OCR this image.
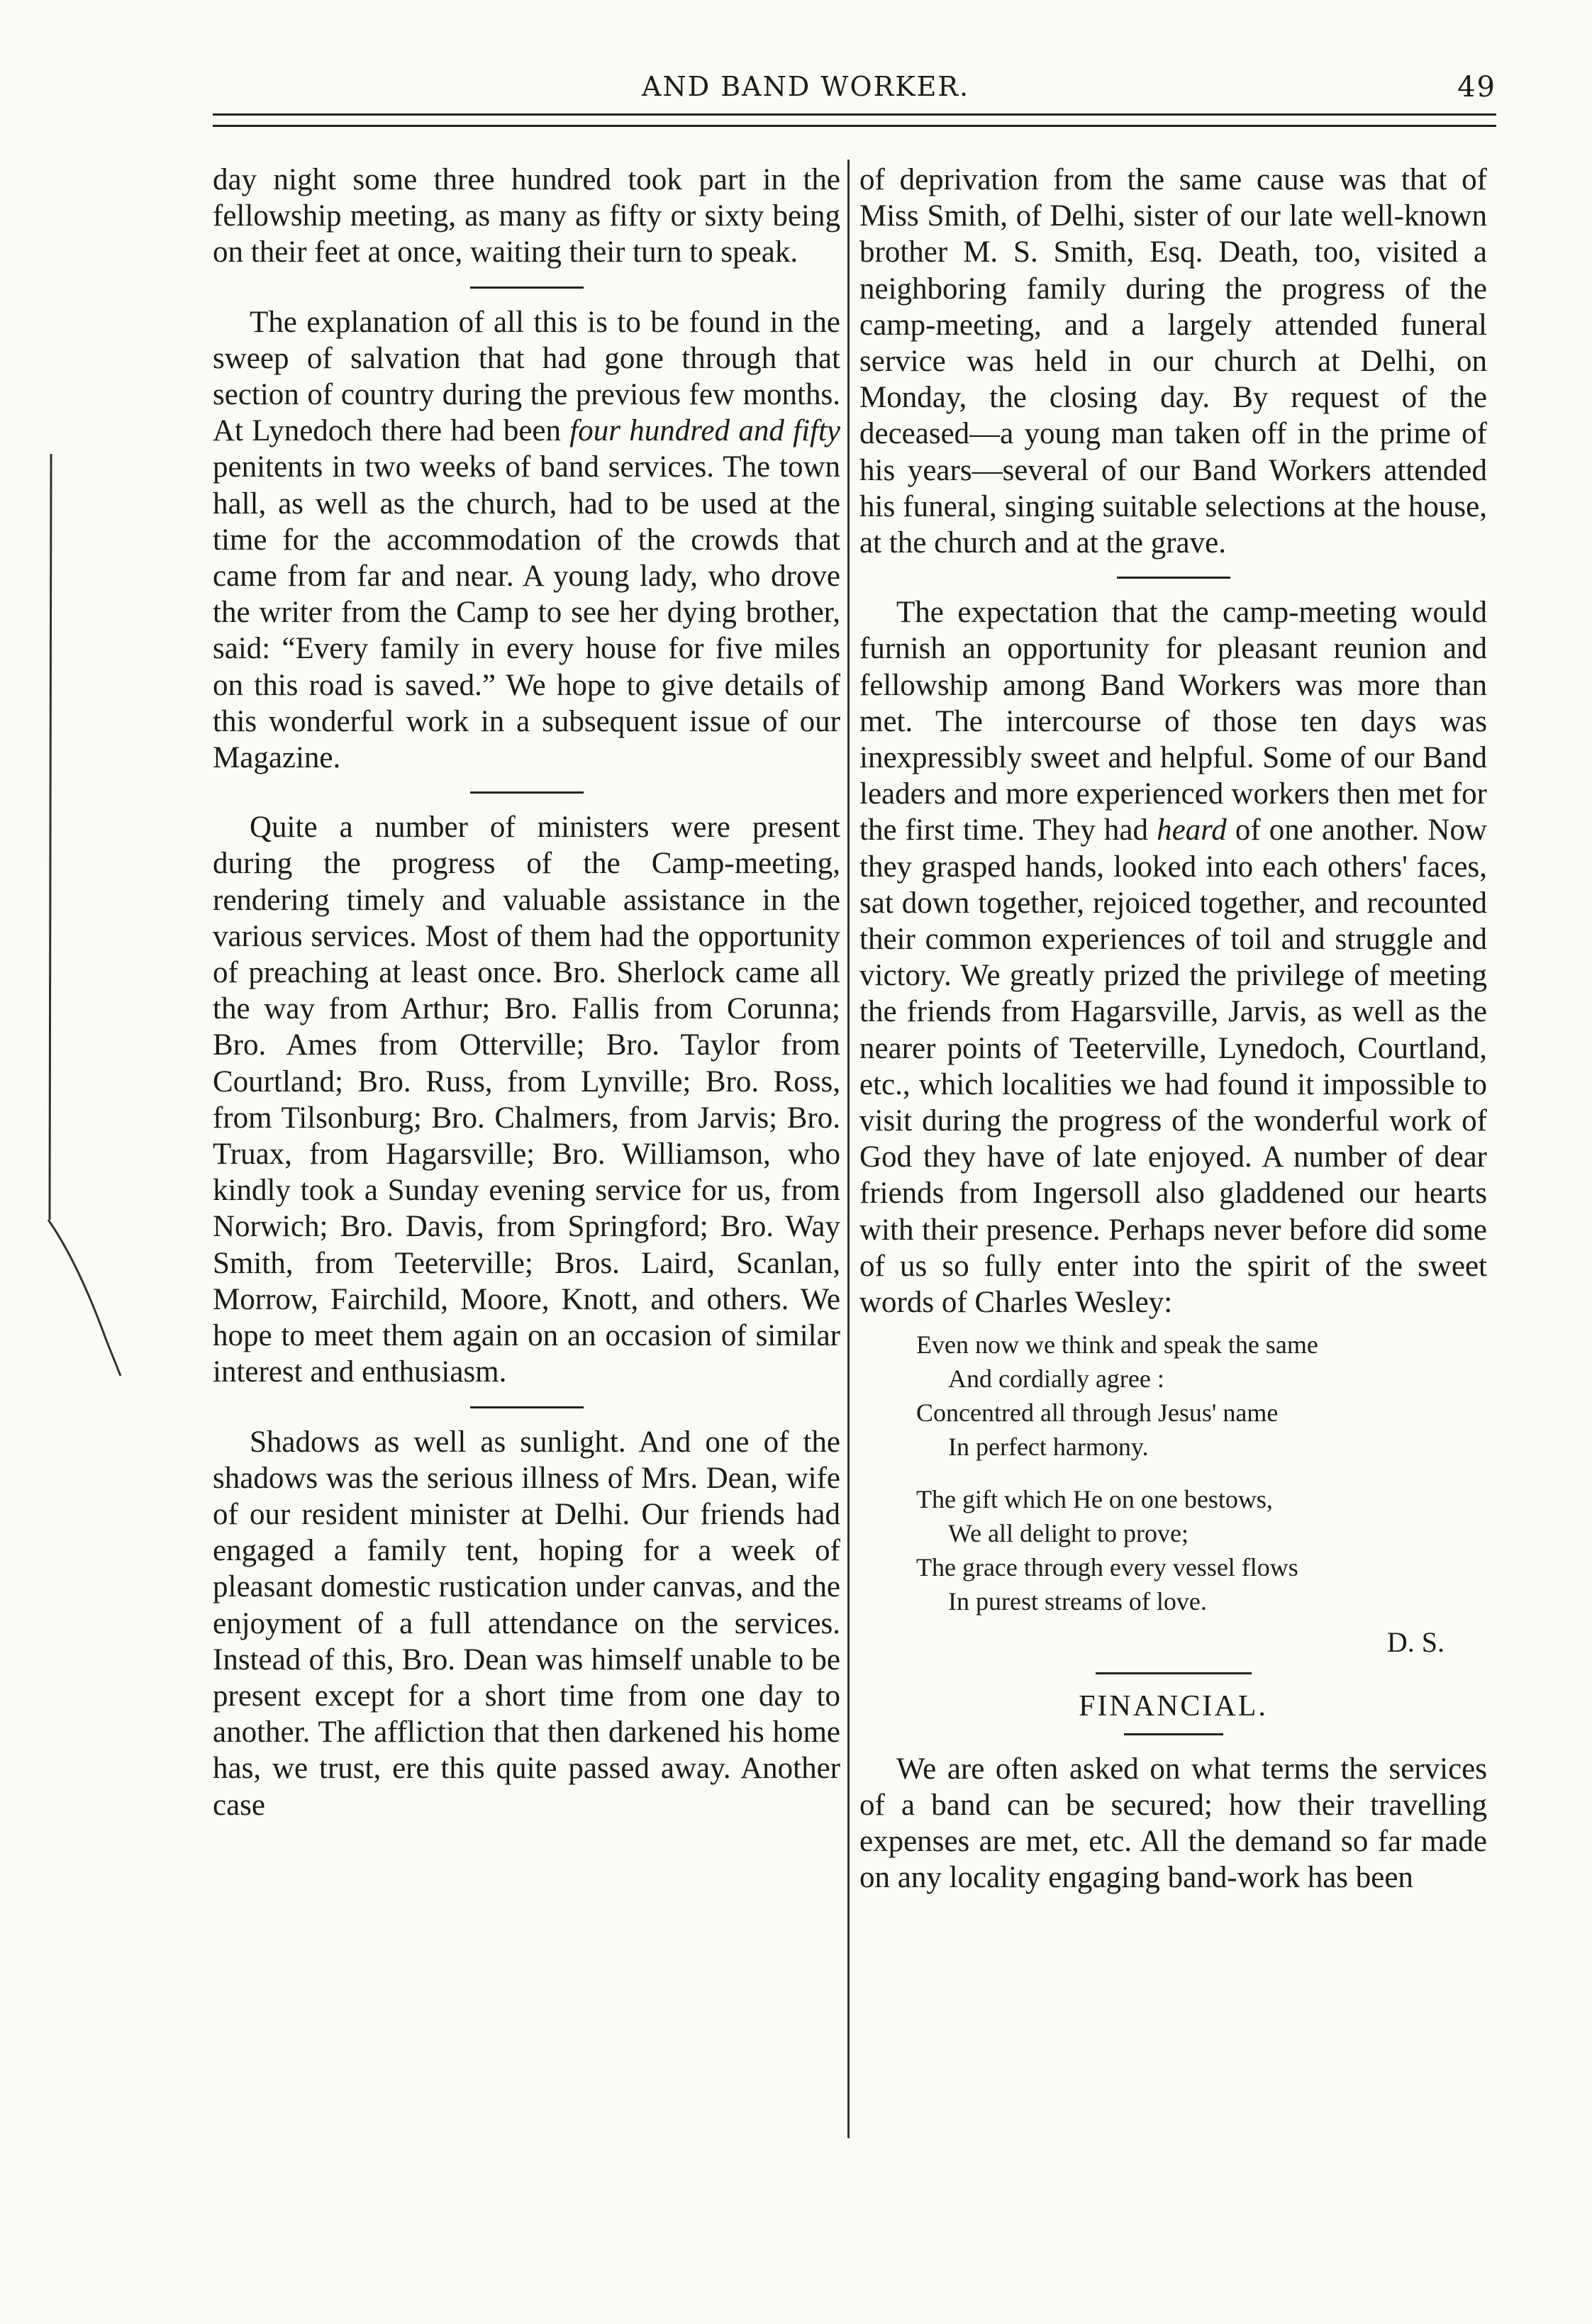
AND BAND WORKER.	49

day night some three hundred took part in the fellowship meeting, as many as fifty or sixty being on their feet at once, waiting their turn to speak.

The explanation of all this is to be found in the sweep of salvation that had gone through that section of country during the previous few months. At Lynedoch there had been four hundred and fifty penitents in two weeks of band services. The town hall, as well as the church, had to be used at the time for the accommodation of the crowds that came from far and near. A young lady, who drove the writer from the Camp to see her dying brother, said: “Every family in every house for five miles on this road is saved.” We hope to give details of this wonderful work in a subsequent issue of our Magazine.

Quite a number of ministers were present during the progress of the Camp-meeting, rendering timely and valuable assistance in the various services. Most of them had the opportunity of preaching at least once. Bro. Sherlock came all the way from Arthur; Bro. Fallis from Corunna; Bro. Ames from Otterville; Bro. Taylor from Courtland; Bro. Russ, from Lynville; Bro. Ross, from Tilsonburg; Bro. Chalmers, from Jarvis; Bro. Truax, from Hagarsville; Bro. Williamson, who kindly took a Sunday evening service for us, from Norwich; Bro. Davis, from Springford; Bro. Way Smith, from Teeterville; Bros. Laird, Scanlan, Morrow, Fairchild, Moore, Knott, and others. We hope to meet them again on an occasion of similar interest and enthusiasm.

Shadows as well as sunlight. And one of the shadows was the serious illness of Mrs. Dean, wife of our resident minister at Delhi. Our friends had engaged a family tent, hoping for a week of pleasant domestic rustication under canvas, and the enjoyment of a full attendance on the services. Instead of this, Bro. Dean was himself unable to be present except for a short time from one day to another. The affliction that then darkened his home has, we trust, ere this quite passed away. Another case

of deprivation from the same cause was that of Miss Smith, of Delhi, sister of our late well-known brother M. S. Smith, Esq. Death, too, visited a neighboring family during the progress of the camp-meeting, and a largely attended funeral service was held in our church at Delhi, on Monday, the closing day. By request of the deceased—a young man taken off in the prime of his years—several of our Band Workers attended his funeral, singing suitable selections at the house, at the church and at the grave.

The expectation that the camp-meeting would furnish an opportunity for pleasant reunion and fellowship among Band Workers was more than met. The intercourse of those ten days was inexpressibly sweet and helpful. Some of our Band leaders and more experienced workers then met for the first time. They had heard of one another. Now they grasped hands, looked into each others' faces, sat down together, rejoiced together, and recounted their common experiences of toil and struggle and victory. We greatly prized the privilege of meeting the friends from Hagarsville, Jarvis, as well as the nearer points of Teeterville, Lynedoch, Courtland, etc., which localities we had found it impossible to visit during the progress of the wonderful work of God they have of late enjoyed. A number of dear friends from Ingersoll also gladdened our hearts with their presence. Perhaps never before did some of us so fully enter into the spirit of the sweet words of Charles Wesley:

Even now we think and speak the same
And cordially agree :
Concentred all through Jesus' name
In perfect harmony.
The gift which He on one bestows,
We all delight to prove;
The grace through every vessel flows
In purest streams of love.
D. S.
FINANCIAL.

We are often asked on what terms the services of a band can be secured; how their travelling expenses are met, etc. All the demand so far made on any locality engaging band-work has been
